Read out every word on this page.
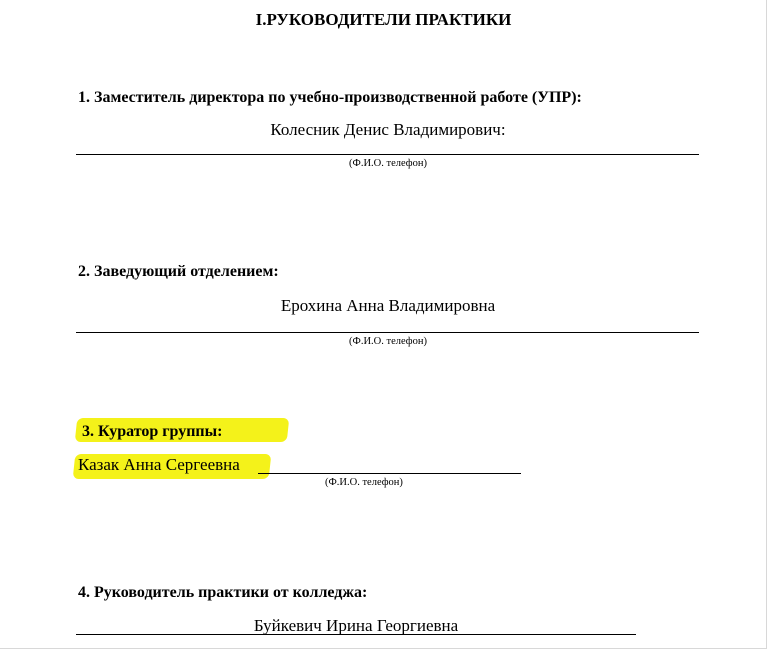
I.РУКОВОДИТЕЛИ ПРАКТИКИ
1. Заместитель директора по учебно-производственной работе (УПР):
Колесник Денис Владимирович:
(Ф.И.О. телефон)
2. Заведующий отделением:
Ерохина Анна Владимировна
(Ф.И.О. телефон)
3. Куратор группы:
Казак Анна Сергеевна
(Ф.И.О. телефон)
4. Руководитель практики от колледжа:
Буйкевич Ирина Георгиевна
